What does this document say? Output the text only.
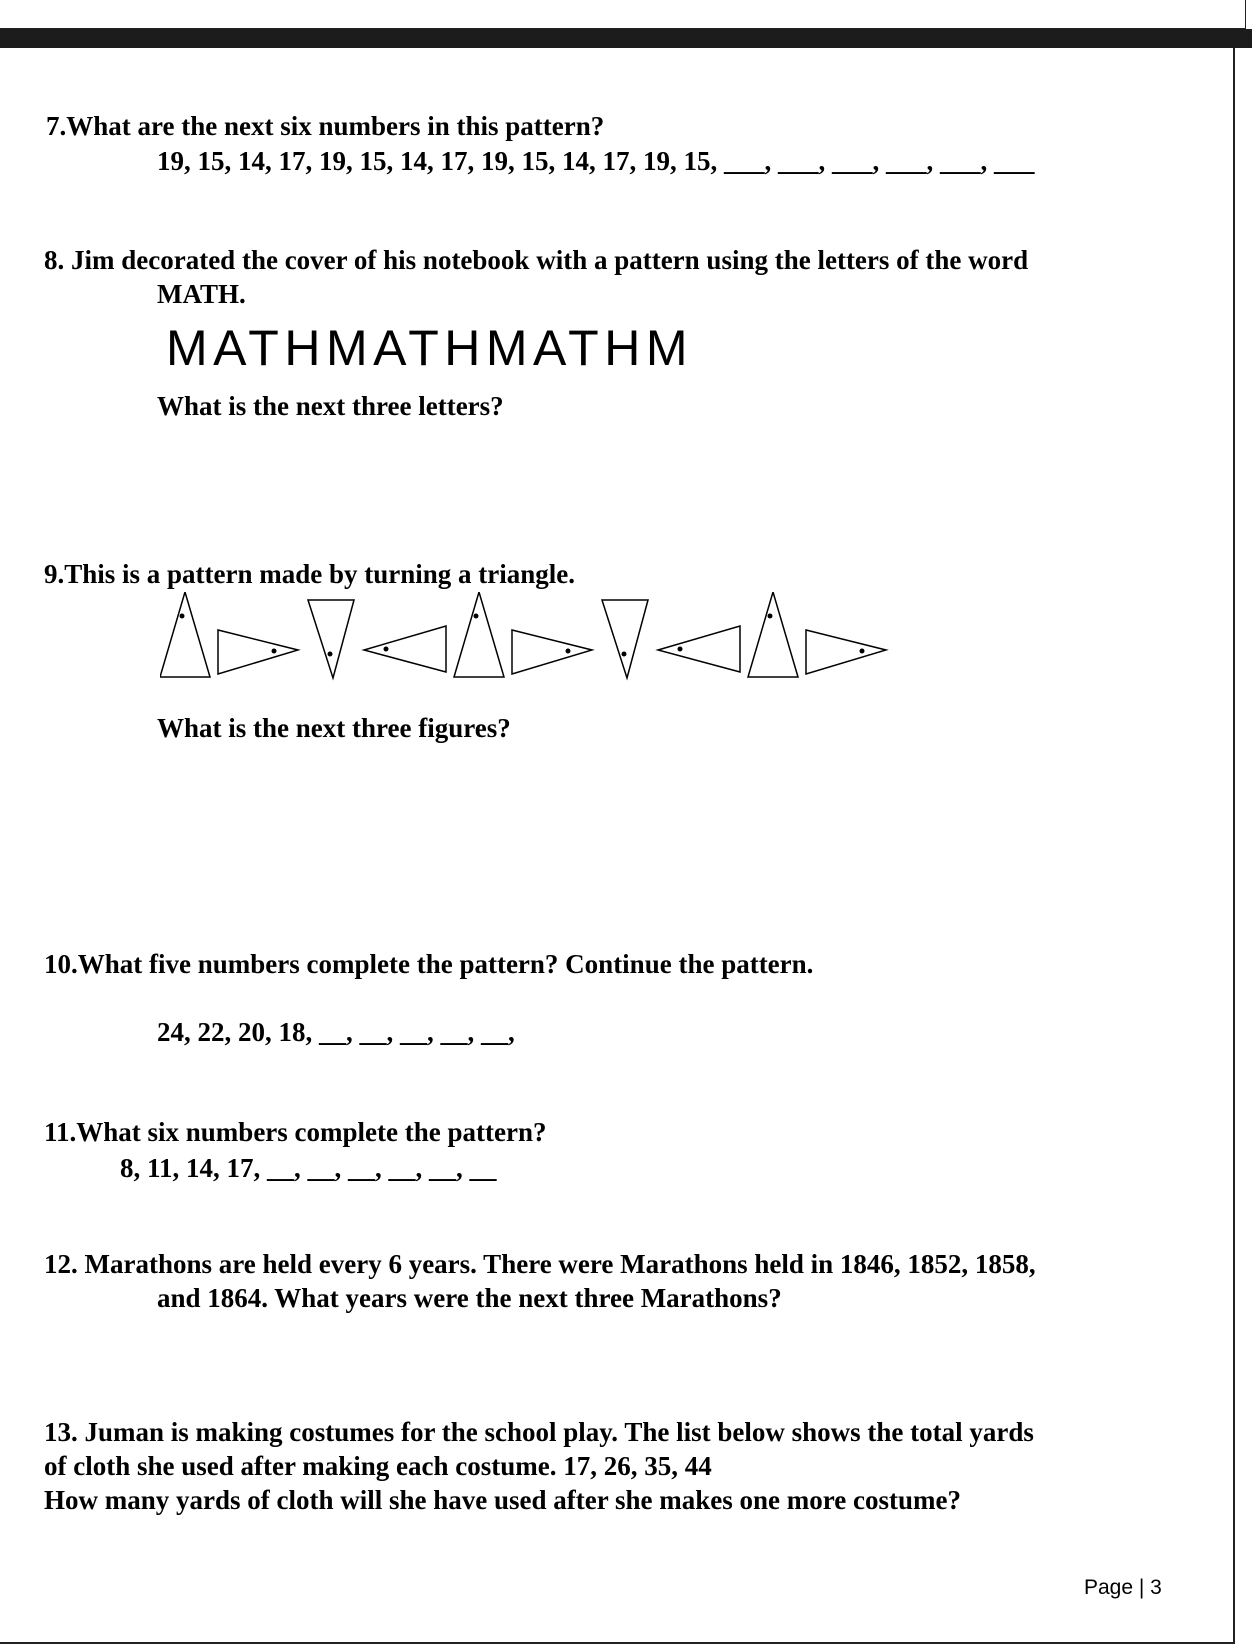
7.What are the next six numbers in this pattern?

19, 15, 14, 17, 19, 15, 14, 17, 19, 15, 14, 17, 19, 15, ___, ___, ___, ___, ___, ___

8. Jim decorated the cover of his notebook with a pattern using the letters of the word

MATH.

MATHMATHMATHM

What is the next three letters?

9.This is a pattern made by turning a triangle.

What is the next three figures?

10.What five numbers complete the pattern? Continue the pattern.

24, 22, 20, 18, __, __, __, __, __,

11.What six numbers complete the pattern?

8, 11, 14, 17, __, __, __, __, __, __

12. Marathons are held every 6 years. There were Marathons held in 1846, 1852, 1858,

and 1864. What years were the next three Marathons?

13. Juman is making costumes for the school play. The list below shows the total yards

of cloth she used after making each costume. 17, 26, 35, 44

How many yards of cloth will she have used after she makes one more costume?

Page | 3
